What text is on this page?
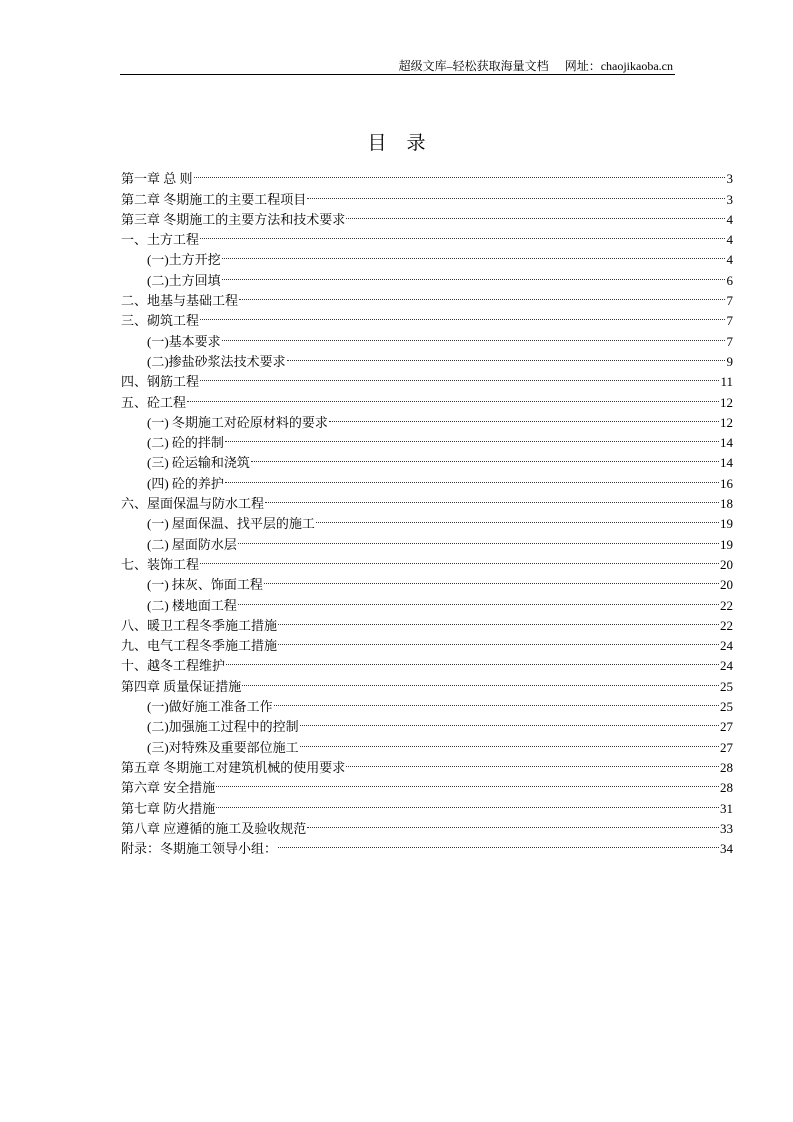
超级文库–轻松获取海量文档 网址：chaojikaoba.cn
目 录
第一章 总 则	3
第二章 冬期施工的主要工程项目	3
第三章 冬期施工的主要方法和技术要求	4
一、土方工程	4
(一)土方开挖	4
(二)土方回填	6
二、地基与基础工程	7
三、砌筑工程	7
(一)基本要求	7
(二)掺盐砂浆法技术要求	9
四、钢筋工程	11
五、砼工程	12
(一) 冬期施工对砼原材料的要求	12
(二) 砼的拌制	14
(三) 砼运输和浇筑	14
(四) 砼的养护	16
六、屋面保温与防水工程	18
(一) 屋面保温、找平层的施工	19
(二) 屋面防水层	19
七、装饰工程	20
(一) 抹灰、饰面工程	20
(二) 楼地面工程	22
八、暖卫工程冬季施工措施	22
九、电气工程冬季施工措施	24
十、越冬工程维护	24
第四章 质量保证措施	25
(一)做好施工准备工作	25
(二)加强施工过程中的控制	27
(三)对特殊及重要部位施工	27
第五章 冬期施工对建筑机械的使用要求	28
第六章 安全措施	28
第七章 防火措施	31
第八章 应遵循的施工及验收规范	33
附录：冬期施工领导小组：	34
